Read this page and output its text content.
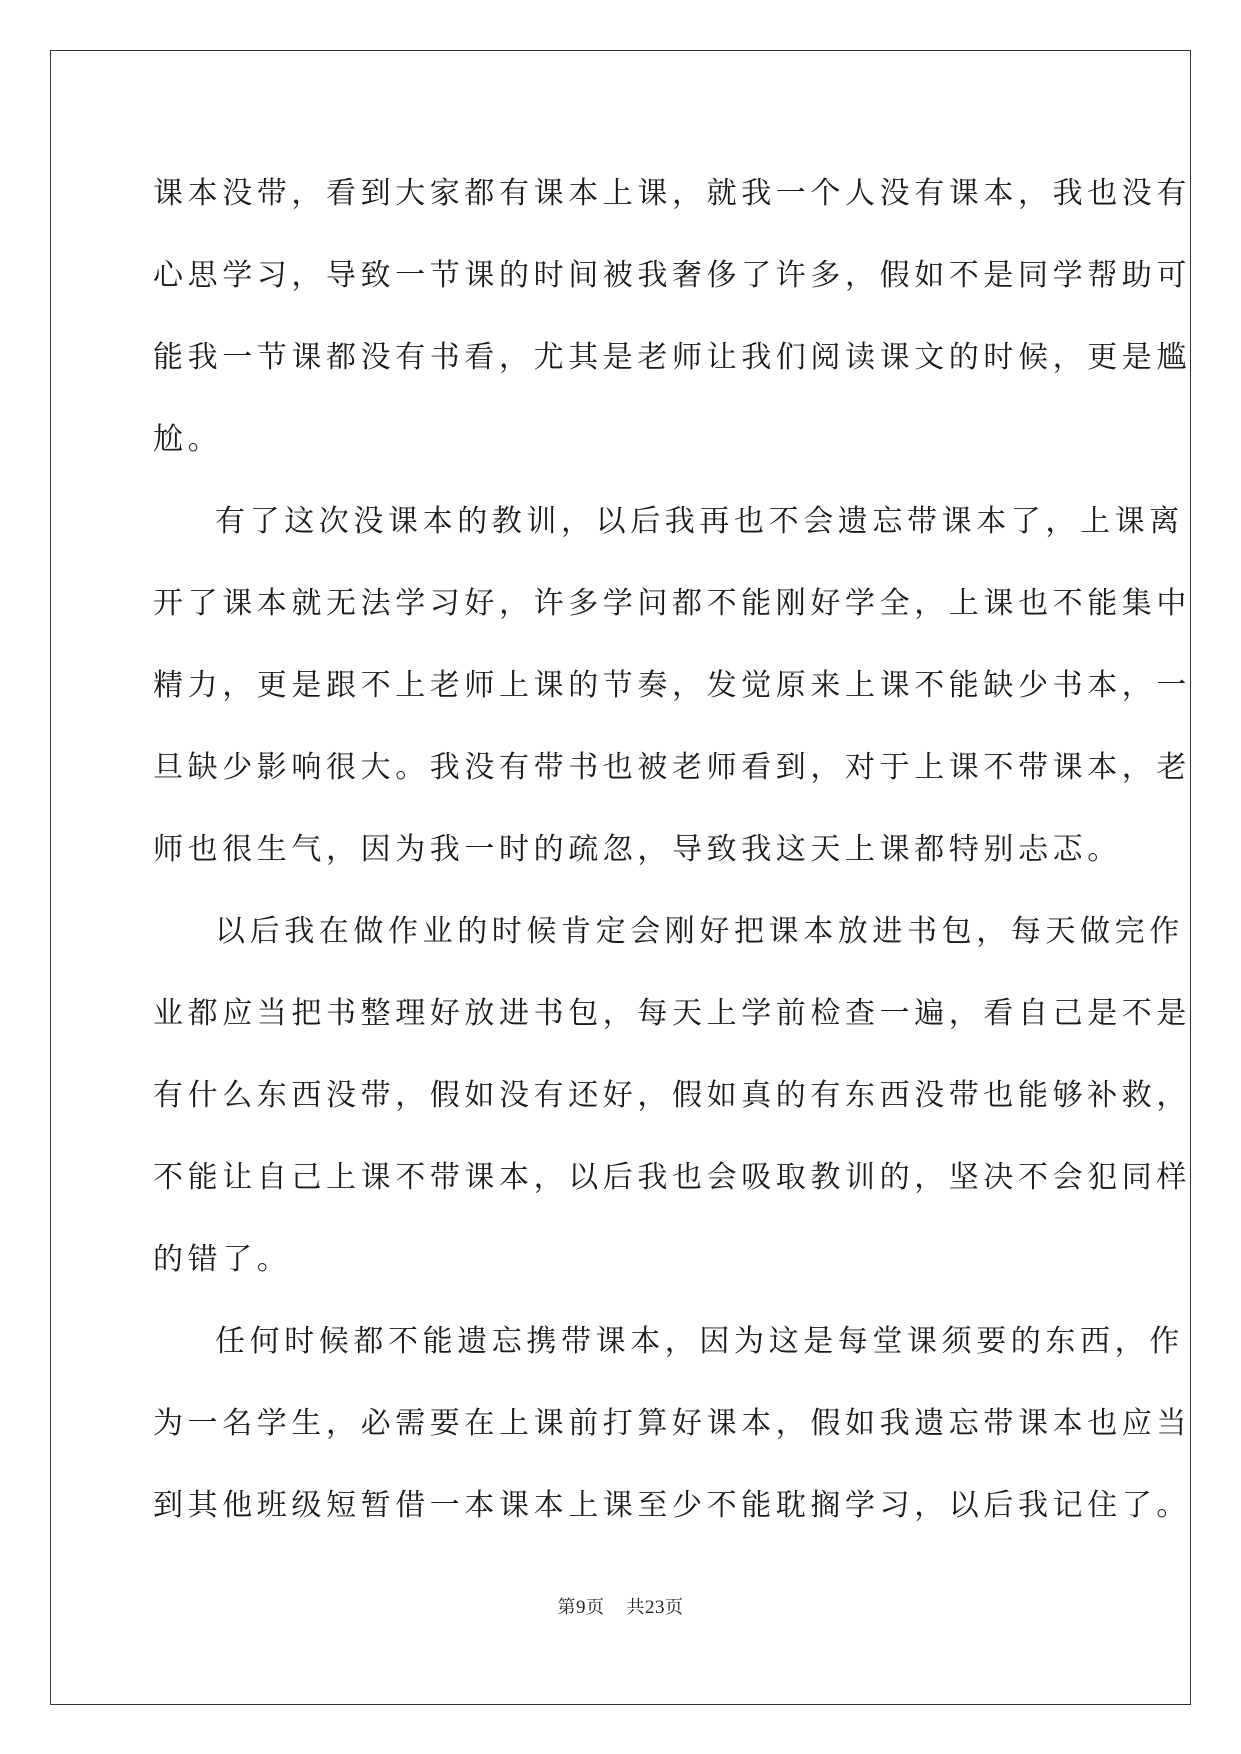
课本没带，看到大家都有课本上课，就我一个人没有课本，我也没有
心思学习，导致一节课的时间被我奢侈了许多，假如不是同学帮助可
能我一节课都没有书看，尤其是老师让我们阅读课文的时候，更是尴
尬。
有了这次没课本的教训，以后我再也不会遗忘带课本了，上课离
开了课本就无法学习好，许多学问都不能刚好学全，上课也不能集中
精力，更是跟不上老师上课的节奏，发觉原来上课不能缺少书本，一
旦缺少影响很大。我没有带书也被老师看到，对于上课不带课本，老
师也很生气，因为我一时的疏忽，导致我这天上课都特别忐忑。
以后我在做作业的时候肯定会刚好把课本放进书包，每天做完作
业都应当把书整理好放进书包，每天上学前检查一遍，看自己是不是
有什么东西没带，假如没有还好，假如真的有东西没带也能够补救，
不能让自己上课不带课本，以后我也会吸取教训的，坚决不会犯同样
的错了。
任何时候都不能遗忘携带课本，因为这是每堂课须要的东西，作
为一名学生，必需要在上课前打算好课本，假如我遗忘带课本也应当
到其他班级短暂借一本课本上课至少不能耽搁学习，以后我记住了。
第9页 共23页
